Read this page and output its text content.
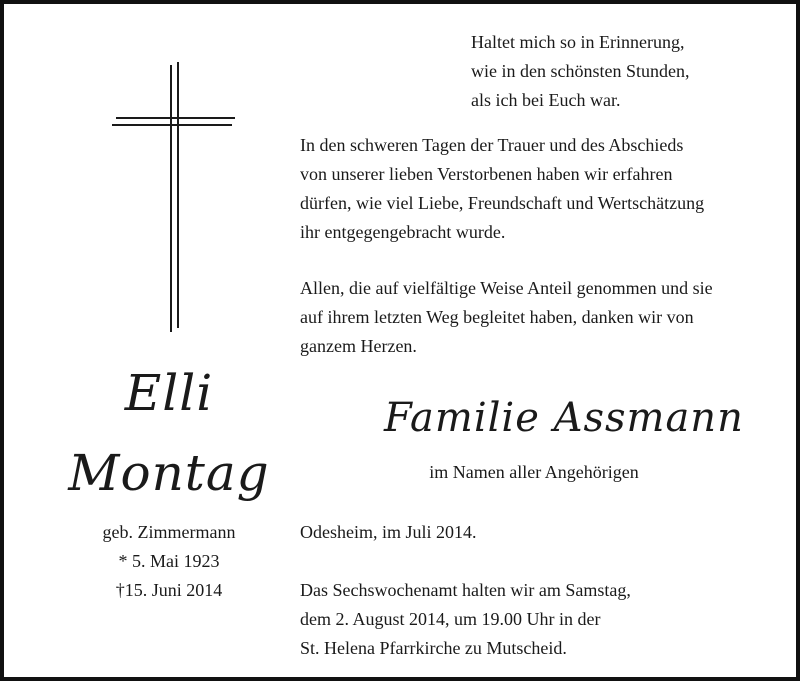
Haltet mich so in Erinnerung,

wie in den schönsten Stunden,

als ich bei Euch war.

In den schweren Tagen der Trauer und des Abschieds

von unserer lieben Verstorbenen haben wir erfahren

dürfen, wie viel Liebe, Freundschaft und Wertschätzung

ihr entgegengebracht wurde.

Allen, die auf vielfältige Weise Anteil genommen und sie

auf ihrem letzten Weg begleitet haben, danken wir von

ganzem Herzen.

Elli
Montag

geb. Zimmermann

* 5. Mai 1923

†15. Juni 2014

Familie Assmann

im Namen aller Angehörigen

Odesheim, im Juli 2014.

Das Sechswochenamt halten wir am Samstag,

dem 2. August 2014, um 19.00 Uhr in der

St. Helena Pfarrkirche zu Mutscheid.
